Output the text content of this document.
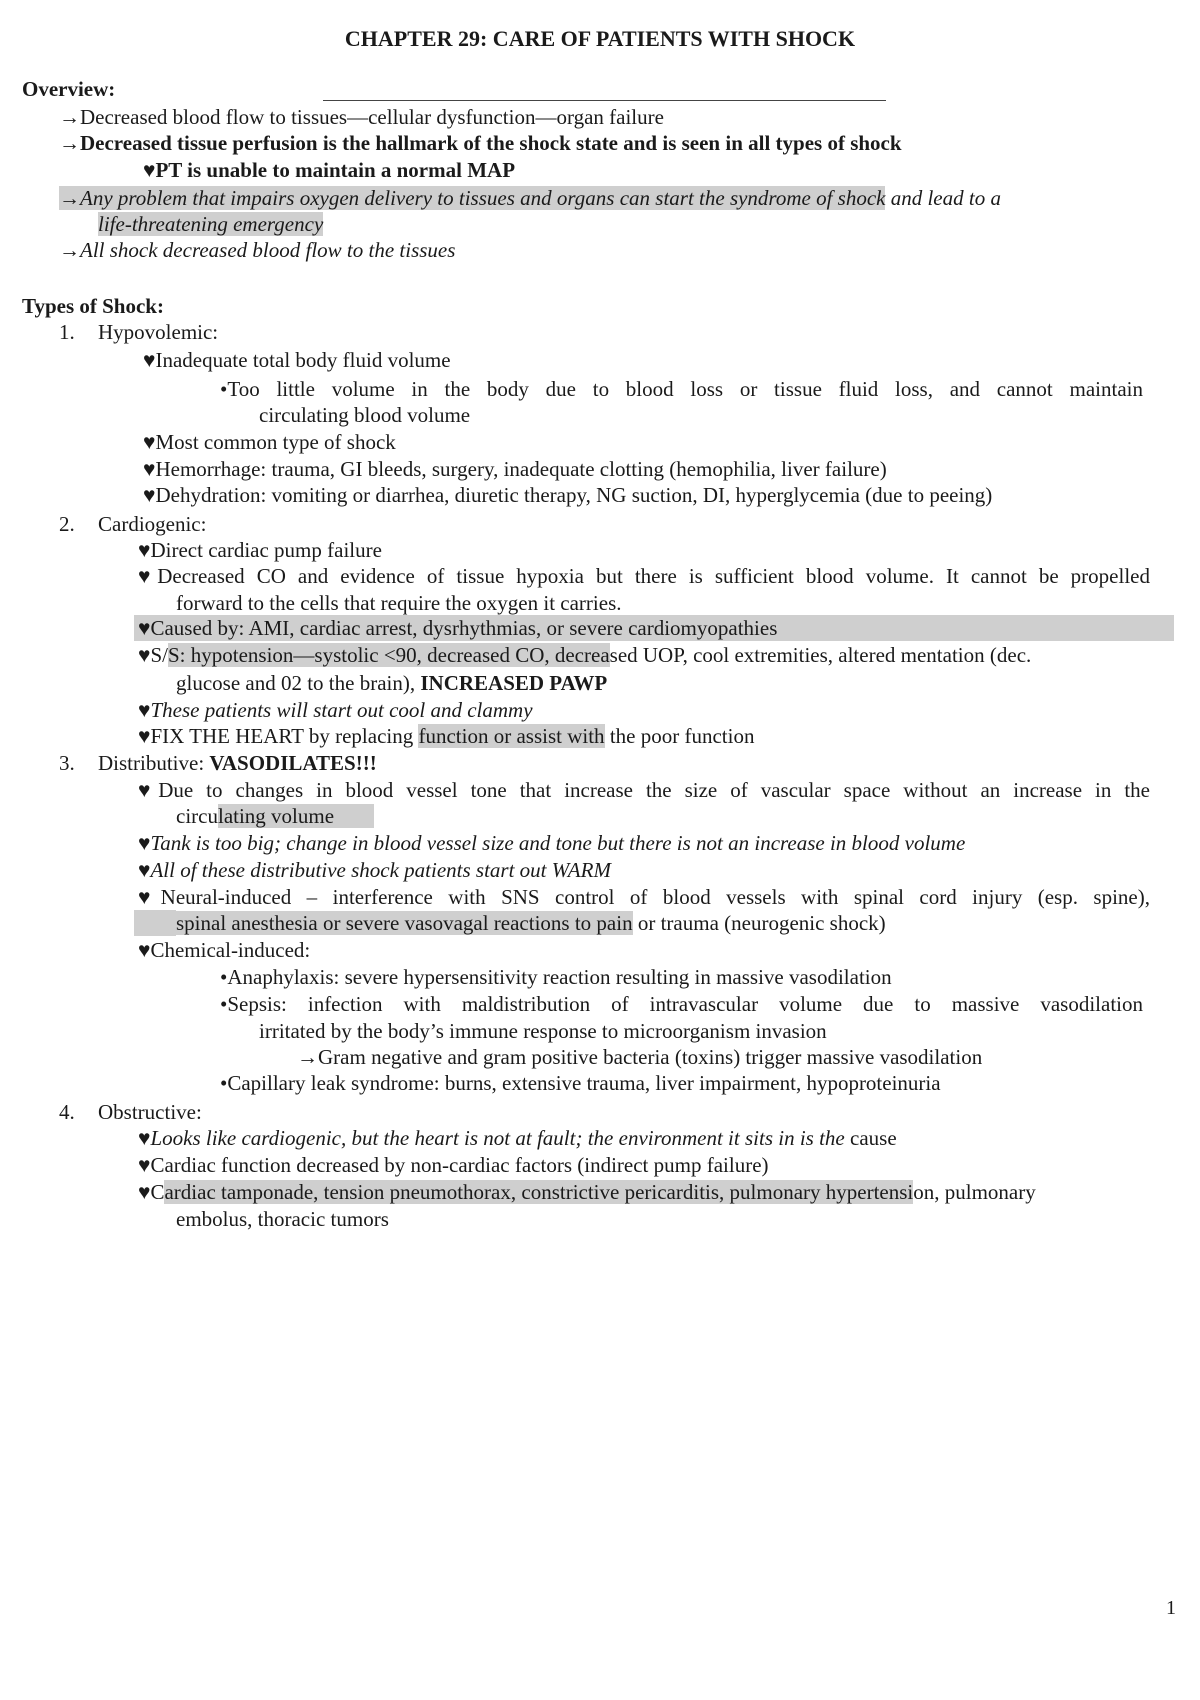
CHAPTER 29: CARE OF PATIENTS WITH SHOCK
Overview:
→Decreased blood flow to tissues—cellular dysfunction—organ failure
→Decreased tissue perfusion is the hallmark of the shock state and is seen in all types of shock
♥PT is unable to maintain a normal MAP
→Any problem that impairs oxygen delivery to tissues and organs can start the syndrome of shock and lead to a
life-threatening emergency
→All shock decreased blood flow to the tissues
Types of Shock:
1. Hypovolemic:
♥Inadequate total body fluid volume
•Too little volume in the body due to blood loss or tissue fluid loss, and cannot maintain
circulating blood volume
♥Most common type of shock
♥Hemorrhage: trauma, GI bleeds, surgery, inadequate clotting (hemophilia, liver failure)
♥Dehydration: vomiting or diarrhea, diuretic therapy, NG suction, DI, hyperglycemia (due to peeing)
2. Cardiogenic:
♥Direct cardiac pump failure
♥Decreased CO and evidence of tissue hypoxia but there is sufficient blood volume. It cannot be propelled
forward to the cells that require the oxygen it carries.
♥Caused by: AMI, cardiac arrest, dysrhythmias, or severe cardiomyopathies
♥S/S: hypotension—systolic <90, decreased CO, decreased UOP, cool extremities, altered mentation (dec.
glucose and 02 to the brain), INCREASED PAWP
♥These patients will start out cool and clammy
♥FIX THE HEART by replacing function or assist with the poor function
3. Distributive: VASODILATES!!!
♥Due to changes in blood vessel tone that increase the size of vascular space without an increase in the
circulating volume
♥Tank is too big; change in blood vessel size and tone but there is not an increase in blood volume
♥All of these distributive shock patients start out WARM
♥Neural-induced – interference with SNS control of blood vessels with spinal cord injury (esp. spine),
spinal anesthesia or severe vasovagal reactions to pain or trauma (neurogenic shock)
♥Chemical-induced:
•Anaphylaxis: severe hypersensitivity reaction resulting in massive vasodilation
•Sepsis: infection with maldistribution of intravascular volume due to massive vasodilation
irritated by the body’s immune response to microorganism invasion
→Gram negative and gram positive bacteria (toxins) trigger massive vasodilation
•Capillary leak syndrome: burns, extensive trauma, liver impairment, hypoproteinuria
4. Obstructive:
♥Looks like cardiogenic, but the heart is not at fault; the environment it sits in is the cause
♥Cardiac function decreased by non-cardiac factors (indirect pump failure)
♥Cardiac tamponade, tension pneumothorax, constrictive pericarditis, pulmonary hypertension, pulmonary
embolus, thoracic tumors
1
